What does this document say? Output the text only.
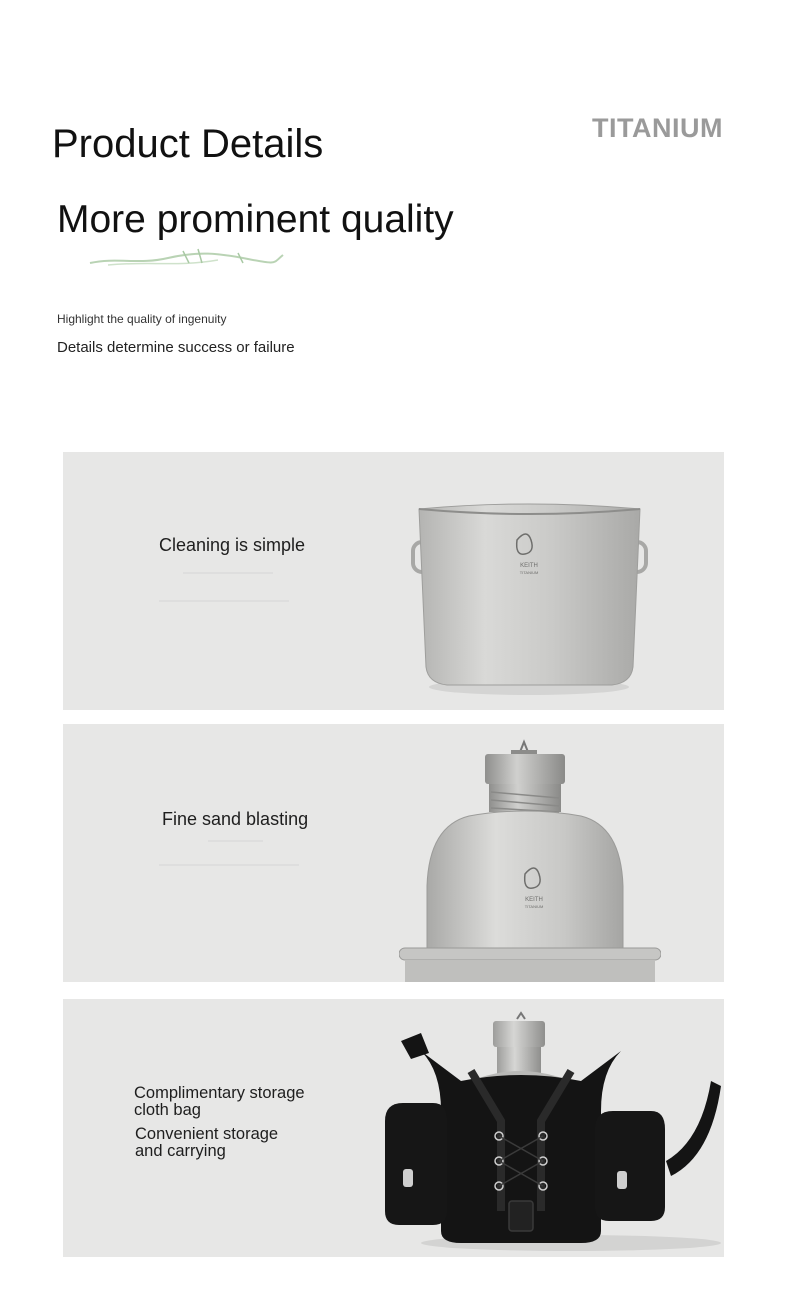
Product Details	TITANIUM
More prominent quality
Highlight the quality of ingenuity
Details determine success or failure
Cleaning is simple
KEITH
TITANIUM
Fine sand blasting
KEITH
TITANIUM
Complimentary storage
cloth bag
Convenient storage
and carrying
